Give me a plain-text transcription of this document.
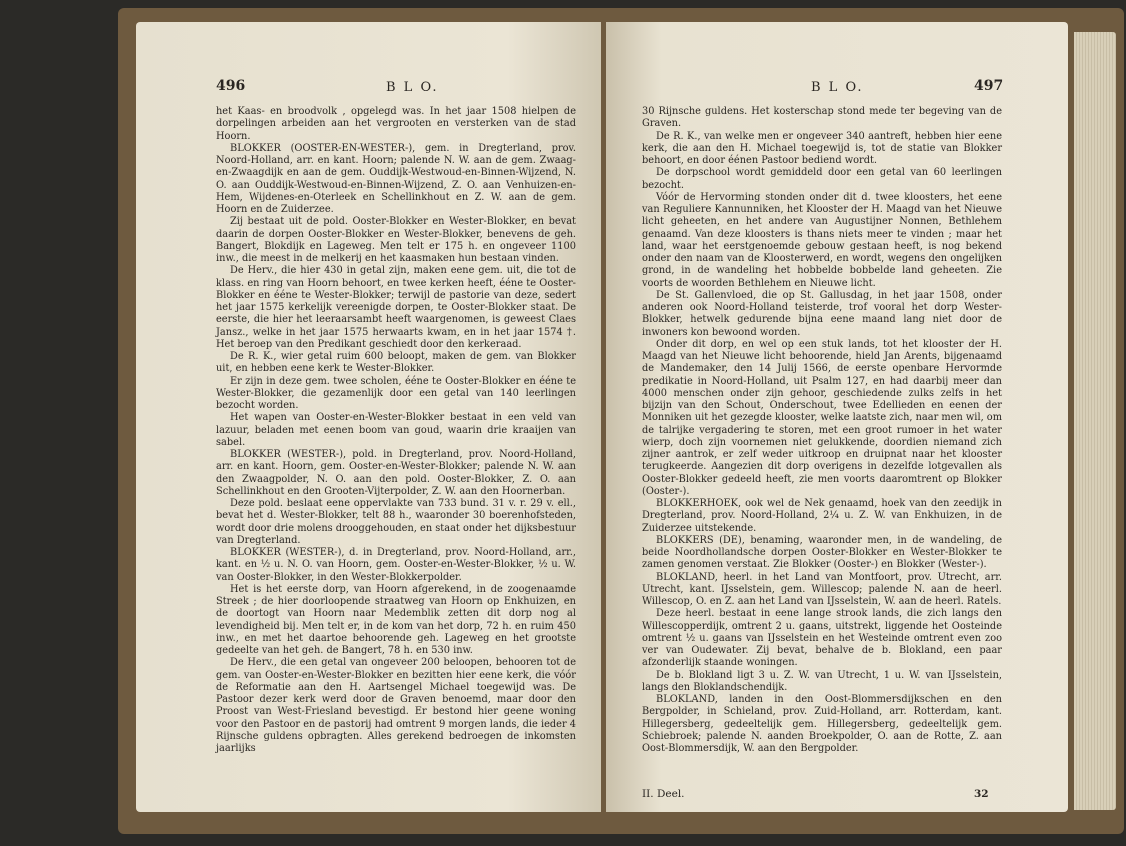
496	B L O.

het Kaas- en broodvolk , opgelegd was. In het jaar 1508 hielpen de dorpelingen arbeiden aan het vergrooten en versterken van de stad Hoorn.

BLOKKER (OOSTER-EN-WESTER-), gem. in Dregterland, prov. Noord-Holland, arr. en kant. Hoorn; palende N. W. aan de gem. Zwaag-en-Zwaagdijk en aan de gem. Ouddijk-Westwoud-en-Binnen-Wijzend, N. O. aan Ouddijk-Westwoud-en-Binnen-Wijzend, Z. O. aan Venhuizen-en-Hem, Wijdenes-en-Oterleek en Schellinkhout en Z. W. aan de gem. Hoorn en de Zuiderzee.

Zij bestaat uit de pold. Ooster-Blokker en Wester-Blokker, en bevat daarin de dorpen Ooster-Blokker en Wester-Blokker, benevens de geh. Bangert, Blokdijk en Lageweg. Men telt er 175 h. en ongeveer 1100 inw., die meest in de melkerij en het kaasmaken hun bestaan vinden.

De Herv., die hier 430 in getal zijn, maken eene gem. uit, die tot de klass. en ring van Hoorn behoort, en twee kerken heeft, ééne te Ooster-Blokker en ééne te Wester-Blokker; terwijl de pastorie van deze, sedert het jaar 1575 kerkelijk vereenigde dorpen, te Ooster-Blokker staat. De eerste, die hier het leeraarsambt heeft waargenomen, is geweest Claes Jansz., welke in het jaar 1575 herwaarts kwam, en in het jaar 1574 †. Het beroep van den Predikant geschiedt door den kerkeraad.

De R. K., wier getal ruim 600 beloopt, maken de gem. van Blokker uit, en hebben eene kerk te Wester-Blokker.

Er zijn in deze gem. twee scholen, ééne te Ooster-Blokker en ééne te Wester-Blokker, die gezamenlijk door een getal van 140 leerlingen bezocht worden.

Het wapen van Ooster-en-Wester-Blokker bestaat in een veld van lazuur, beladen met eenen boom van goud, waarin drie kraaijen van sabel.

BLOKKER (WESTER-), pold. in Dregterland, prov. Noord-Holland, arr. en kant. Hoorn, gem. Ooster-en-Wester-Blokker; palende N. W. aan den Zwaagpolder, N. O. aan den pold. Ooster-Blokker, Z. O. aan Schellinkhout en den Grooten-Vijterpolder, Z. W. aan den Hoornerban.

Deze pold. beslaat eene oppervlakte van 733 bund. 31 v. r. 29 v. ell., bevat het d. Wester-Blokker, telt 88 h., waaronder 30 boerenhofsteden, wordt door drie molens drooggehouden, en staat onder het dijksbestuur van Dregterland.

BLOKKER (WESTER-), d. in Dregterland, prov. Noord-Holland, arr., kant. en ½ u. N. O. van Hoorn, gem. Ooster-en-Wester-Blokker, ½ u. W. van Ooster-Blokker, in den Wester-Blokkerpolder.

Het is het eerste dorp, van Hoorn afgerekend, in de zoogenaamde Streek ; de hier doorloopende straatweg van Hoorn op Enkhuizen, en de doortogt van Hoorn naar Medemblik zetten dit dorp nog al levendigheid bij. Men telt er, in de kom van het dorp, 72 h. en ruim 450 inw., en met het daartoe behoorende geh. Lageweg en het grootste gedeelte van het geh. de Bangert, 78 h. en 530 inw.

De Herv., die een getal van ongeveer 200 beloopen, behooren tot de gem. van Ooster-en-Wester-Blokker en bezitten hier eene kerk, die vóór de Reformatie aan den H. Aartsengel Michael toegewijd was. De Pastoor dezer kerk werd door de Graven benoemd, maar door den Proost van West-Friesland bevestigd. Er bestond hier geene woning voor den Pastoor en de pastorij had omtrent 9 morgen lands, die ieder 4 Rijnsche guldens opbragten. Alles gerekend bedroegen de inkomsten jaarlijks

B L O.	497

30 Rijnsche guldens. Het kosterschap stond mede ter begeving van de Graven.

De R. K., van welke men er ongeveer 340 aantreft, hebben hier eene kerk, die aan den H. Michael toegewijd is, tot de statie van Blokker behoort, en door éénen Pastoor bediend wordt.

De dorpschool wordt gemiddeld door een getal van 60 leerlingen bezocht.

Vóór de Hervorming stonden onder dit d. twee kloosters, het eene van Reguliere Kannunniken, het Klooster der H. Maagd van het Nieuwe licht geheeten, en het andere van Augustijner Nonnen, Bethlehem genaamd. Van deze kloosters is thans niets meer te vinden ; maar het land, waar het eerstgenoemde gebouw gestaan heeft, is nog bekend onder den naam van de Kloosterwerd, en wordt, wegens den ongelijken grond, in de wandeling het hobbelde bobbelde land geheeten. Zie voorts de woorden Bethlehem en Nieuwe licht.

De St. Gallenvloed, die op St. Gallusdag, in het jaar 1508, onder anderen ook Noord-Holland teisterde, trof vooral het dorp Wester-Blokker, hetwelk gedurende bijna eene maand lang niet door de inwoners kon bewoond worden.

Onder dit dorp, en wel op een stuk lands, tot het klooster der H. Maagd van het Nieuwe licht behoorende, hield Jan Arents, bijgenaamd de Mandemaker, den 14 Julij 1566, de eerste openbare Hervormde predikatie in Noord-Holland, uit Psalm 127, en had daarbij meer dan 4000 menschen onder zijn gehoor, geschiedende zulks zelfs in het bijzijn van den Schout, Onderschout, twee Edellieden en eenen der Monniken uit het gezegde klooster, welke laatste zich, naar men wil, om de talrijke vergadering te storen, met een groot rumoer in het water wierp, doch zijn voornemen niet gelukkende, doordien niemand zich zijner aantrok, er zelf weder uitkroop en druipnat naar het klooster terugkeerde. Aangezien dit dorp overigens in dezelfde lotgevallen als Ooster-Blokker gedeeld heeft, zie men voorts daaromtrent op Blokker (Ooster-).

BLOKKERHOEK, ook wel de Nek genaamd, hoek van den zeedijk in Dregterland, prov. Noord-Holland, 2¼ u. Z. W. van Enkhuizen, in de Zuiderzee uitstekende.

BLOKKERS (DE), benaming, waaronder men, in de wandeling, de beide Noordhollandsche dorpen Ooster-Blokker en Wester-Blokker te zamen genomen verstaat. Zie Blokker (Ooster-) en Blokker (Wester-).

BLOKLAND, heerl. in het Land van Montfoort, prov. Utrecht, arr. Utrecht, kant. IJsselstein, gem. Willescop; palende N. aan de heerl. Willescop, O. en Z. aan het Land van IJsselstein, W. aan de heerl. Ratels.

Deze heerl. bestaat in eene lange strook lands, die zich langs den Willescopperdijk, omtrent 2 u. gaans, uitstrekt, liggende het Oosteinde omtrent ½ u. gaans van IJsselstein en het Westeinde omtrent even zoo ver van Oudewater. Zij bevat, behalve de b. Blokland, een paar afzonderlijk staande woningen.

De b. Blokland ligt 3 u. Z. W. van Utrecht, 1 u. W. van IJsselstein, langs den Bloklandschendijk.

BLOKLAND, landen in den Oost-Blommersdijkschen en den Bergpolder, in Schieland, prov. Zuid-Holland, arr. Rotterdam, kant. Hillegersberg, gedeeltelijk gem. Hillegersberg, gedeeltelijk gem. Schiebroek; palende N. aanden Broekpolder, O. aan de Rotte, Z. aan Oost-Blommersdijk, W. aan den Bergpolder.

II. Deel.	32
